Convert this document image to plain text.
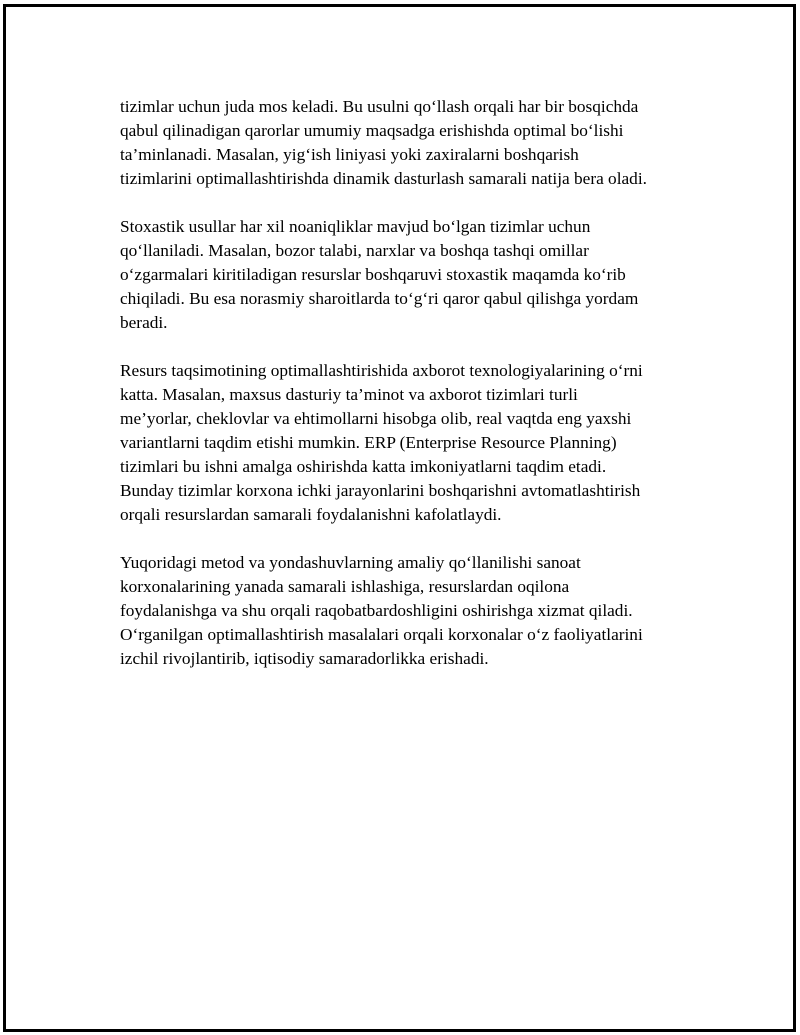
tizimlar uchun juda mos keladi. Bu usulni qo‘llash orqali har bir bosqichda
qabul qilinadigan qarorlar umumiy maqsadga erishishda optimal bo‘lishi
ta’minlanadi. Masalan, yig‘ish liniyasi yoki zaxiralarni boshqarish
tizimlarini optimallashtirishda dinamik dasturlash samarali natija bera oladi.

Stoxastik usullar har xil noaniqliklar mavjud bo‘lgan tizimlar uchun
qo‘llaniladi. Masalan, bozor talabi, narxlar va boshqa tashqi omillar
o‘zgarmalari kiritiladigan resurslar boshqaruvi stoxastik maqamda ko‘rib
chiqiladi. Bu esa norasmiy sharoitlarda to‘g‘ri qaror qabul qilishga yordam
beradi.

Resurs taqsimotining optimallashtirishida axborot texnologiyalarining o‘rni
katta. Masalan, maxsus dasturiy ta’minot va axborot tizimlari turli
me’yorlar, cheklovlar va ehtimollarni hisobga olib, real vaqtda eng yaxshi
variantlarni taqdim etishi mumkin. ERP (Enterprise Resource Planning)
tizimlari bu ishni amalga oshirishda katta imkoniyatlarni taqdim etadi.
Bunday tizimlar korxona ichki jarayonlarini boshqarishni avtomatlashtirish
orqali resurslardan samarali foydalanishni kafolatlaydi.

Yuqoridagi metod va yondashuvlarning amaliy qo‘llanilishi sanoat
korxonalarining yanada samarali ishlashiga, resurslardan oqilona
foydalanishga va shu orqali raqobatbardoshligini oshirishga xizmat qiladi.
O‘rganilgan optimallashtirish masalalari orqali korxonalar o‘z faoliyatlarini
izchil rivojlantirib, iqtisodiy samaradorlikka erishadi.
